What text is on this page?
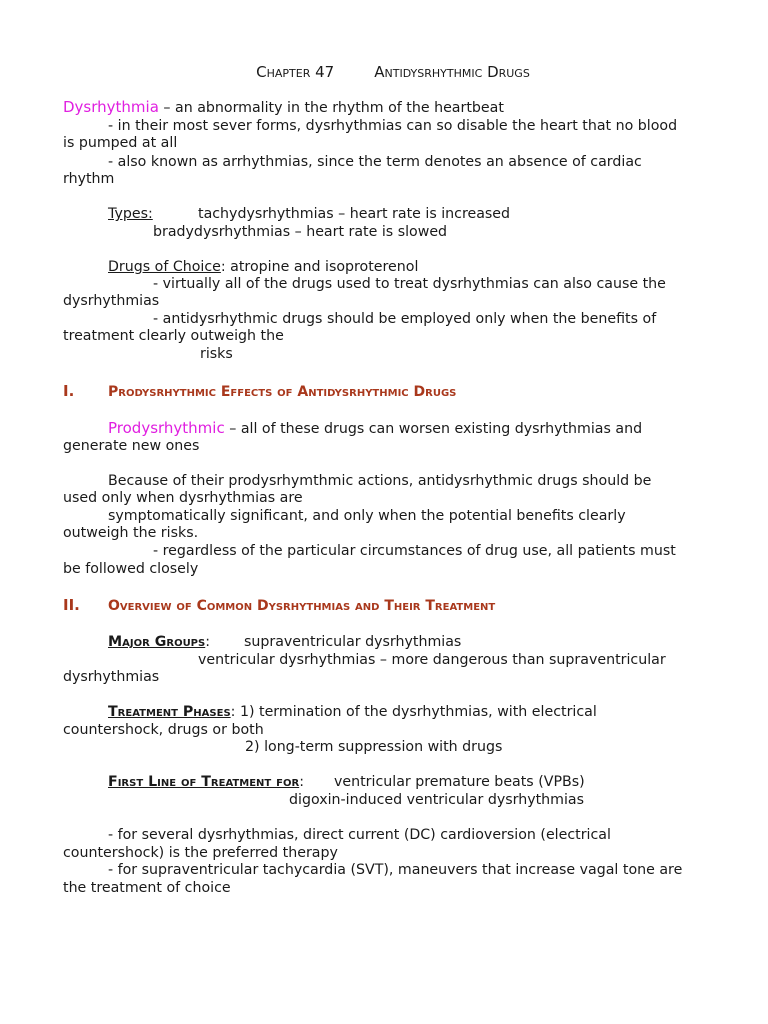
Chapter 47	Antidysrhythmic Drugs
Dysrhythmia – an abnormality in the rhythm of the heartbeat
- in their most sever forms, dysrhythmias can so disable the heart that no blood
is pumped at all
- also known as arrhythmias, since the term denotes an absence of cardiac
rhythm
Types:	tachydysrhythmias – heart rate is increased
bradydysrhythmias – heart rate is slowed
Drugs of Choice: atropine and isoproterenol
- virtually all of the drugs used to treat dysrhythmias can also cause the
dysrhythmias
- antidysrhythmic drugs should be employed only when the benefits of
treatment clearly outweigh the
risks
I. Prodysrhythmic Effects of Antidysrhythmic Drugs
Prodysrhythmic – all of these drugs can worsen existing dysrhythmias and
generate new ones
Because of their prodysrhymthmic actions, antidysrhythmic drugs should be
used only when dysrhythmias are
symptomatically significant, and only when the potential benefits clearly
outweigh the risks.
- regardless of the particular circumstances of drug use, all patients must
be followed closely
II. Overview of Common Dysrhythmias and Their Treatment
Major Groups: supraventricular dysrhythmias
ventricular dysrhythmias – more dangerous than supraventricular
dysrhythmias
Treatment Phases: 1) termination of the dysrhythmias, with electrical
countershock, drugs or both
2) long-term suppression with drugs
First Line of Treatment for: ventricular premature beats (VPBs)
digoxin-induced ventricular dysrhythmias
- for several dysrhythmias, direct current (DC) cardioversion (electrical
countershock) is the preferred therapy
- for supraventricular tachycardia (SVT), maneuvers that increase vagal tone are
the treatment of choice
